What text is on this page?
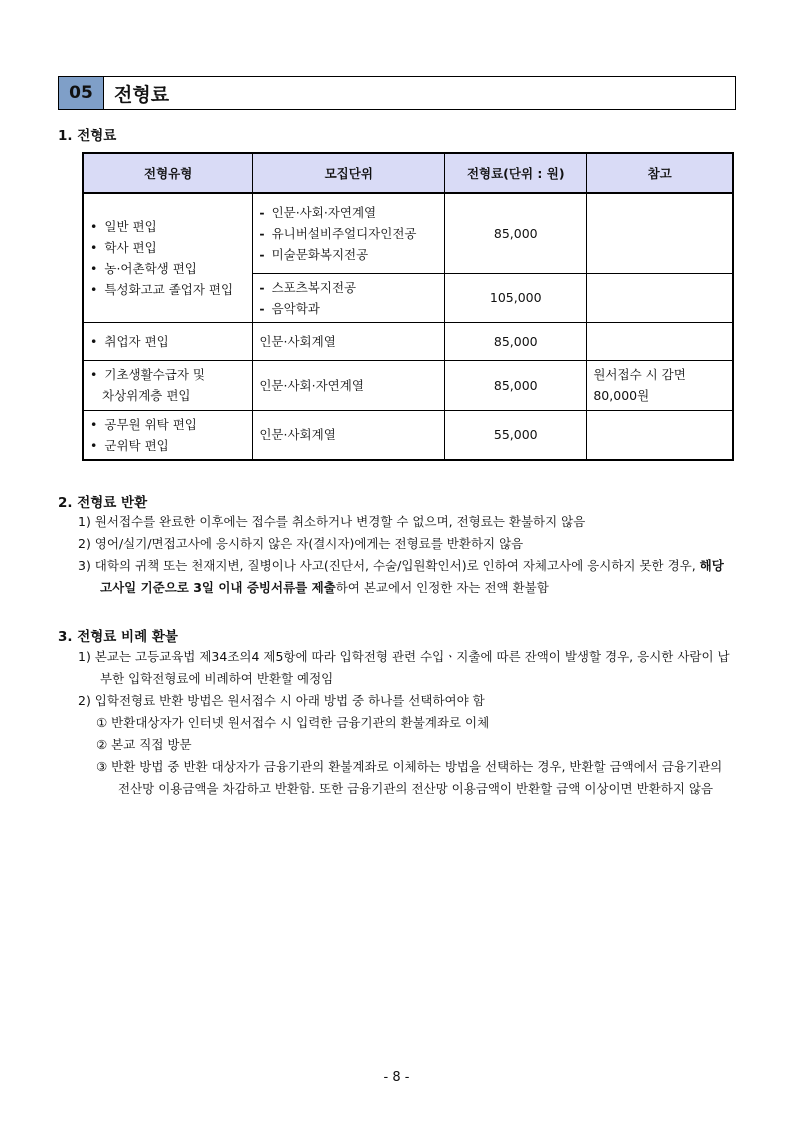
05	전형료
1. 전형료
전형유형	모집단위	전형료(단위 : 원)	참고

• 일반 편입
• 학사 편입
• 농·어촌학생 편입
• 특성화고교 졸업자 편입	- 인문·사회·자연계열
- 유니버설비주얼디자인전공
- 미술문화복지전공	85,000	

	- 스포츠복지전공
- 음악학과	105,000	

• 취업자 편입	인문·사회계열	85,000	

• 기초생활수급자 및
차상위계층 편입	인문·사회·자연계열	85,000	원서접수 시 감면
80,000원

• 공무원 위탁 편입
• 군위탁 편입	인문·사회계열	55,000	
2. 전형료 반환

1) 원서접수를 완료한 이후에는 접수를 취소하거나 변경할 수 없으며, 전형료는 환불하지 않음

2) 영어/실기/면접고사에 응시하지 않은 자(결시자)에게는 전형료를 반환하지 않음

3) 대학의 귀책 또는 천재지변, 질병이나 사고(진단서, 수술/입원확인서)로 인하여 자체고사에 응시하지 못한 경우, 해당 고사일 기준으로 3일 이내 증빙서류를 제출하여 본교에서 인정한 자는 전액 환불함

3. 전형료 비례 환불

1) 본교는 고등교육법 제34조의4 제5항에 따라 입학전형 관련 수입ㆍ지출에 따른 잔액이 발생할 경우, 응시한 사람이 납부한 입학전형료에 비례하여 반환할 예정임

2) 입학전형료 반환 방법은 원서접수 시 아래 방법 중 하나를 선택하여야 함

① 반환대상자가 인터넷 원서접수 시 입력한 금융기관의 환불계좌로 이체

② 본교 직접 방문

③ 반환 방법 중 반환 대상자가 금융기관의 환불계좌로 이체하는 방법을 선택하는 경우, 반환할 금액에서 금융기관의 전산망 이용금액을 차감하고 반환함. 또한 금융기관의 전산망 이용금액이 반환할 금액 이상이면 반환하지 않음

- 8 -
